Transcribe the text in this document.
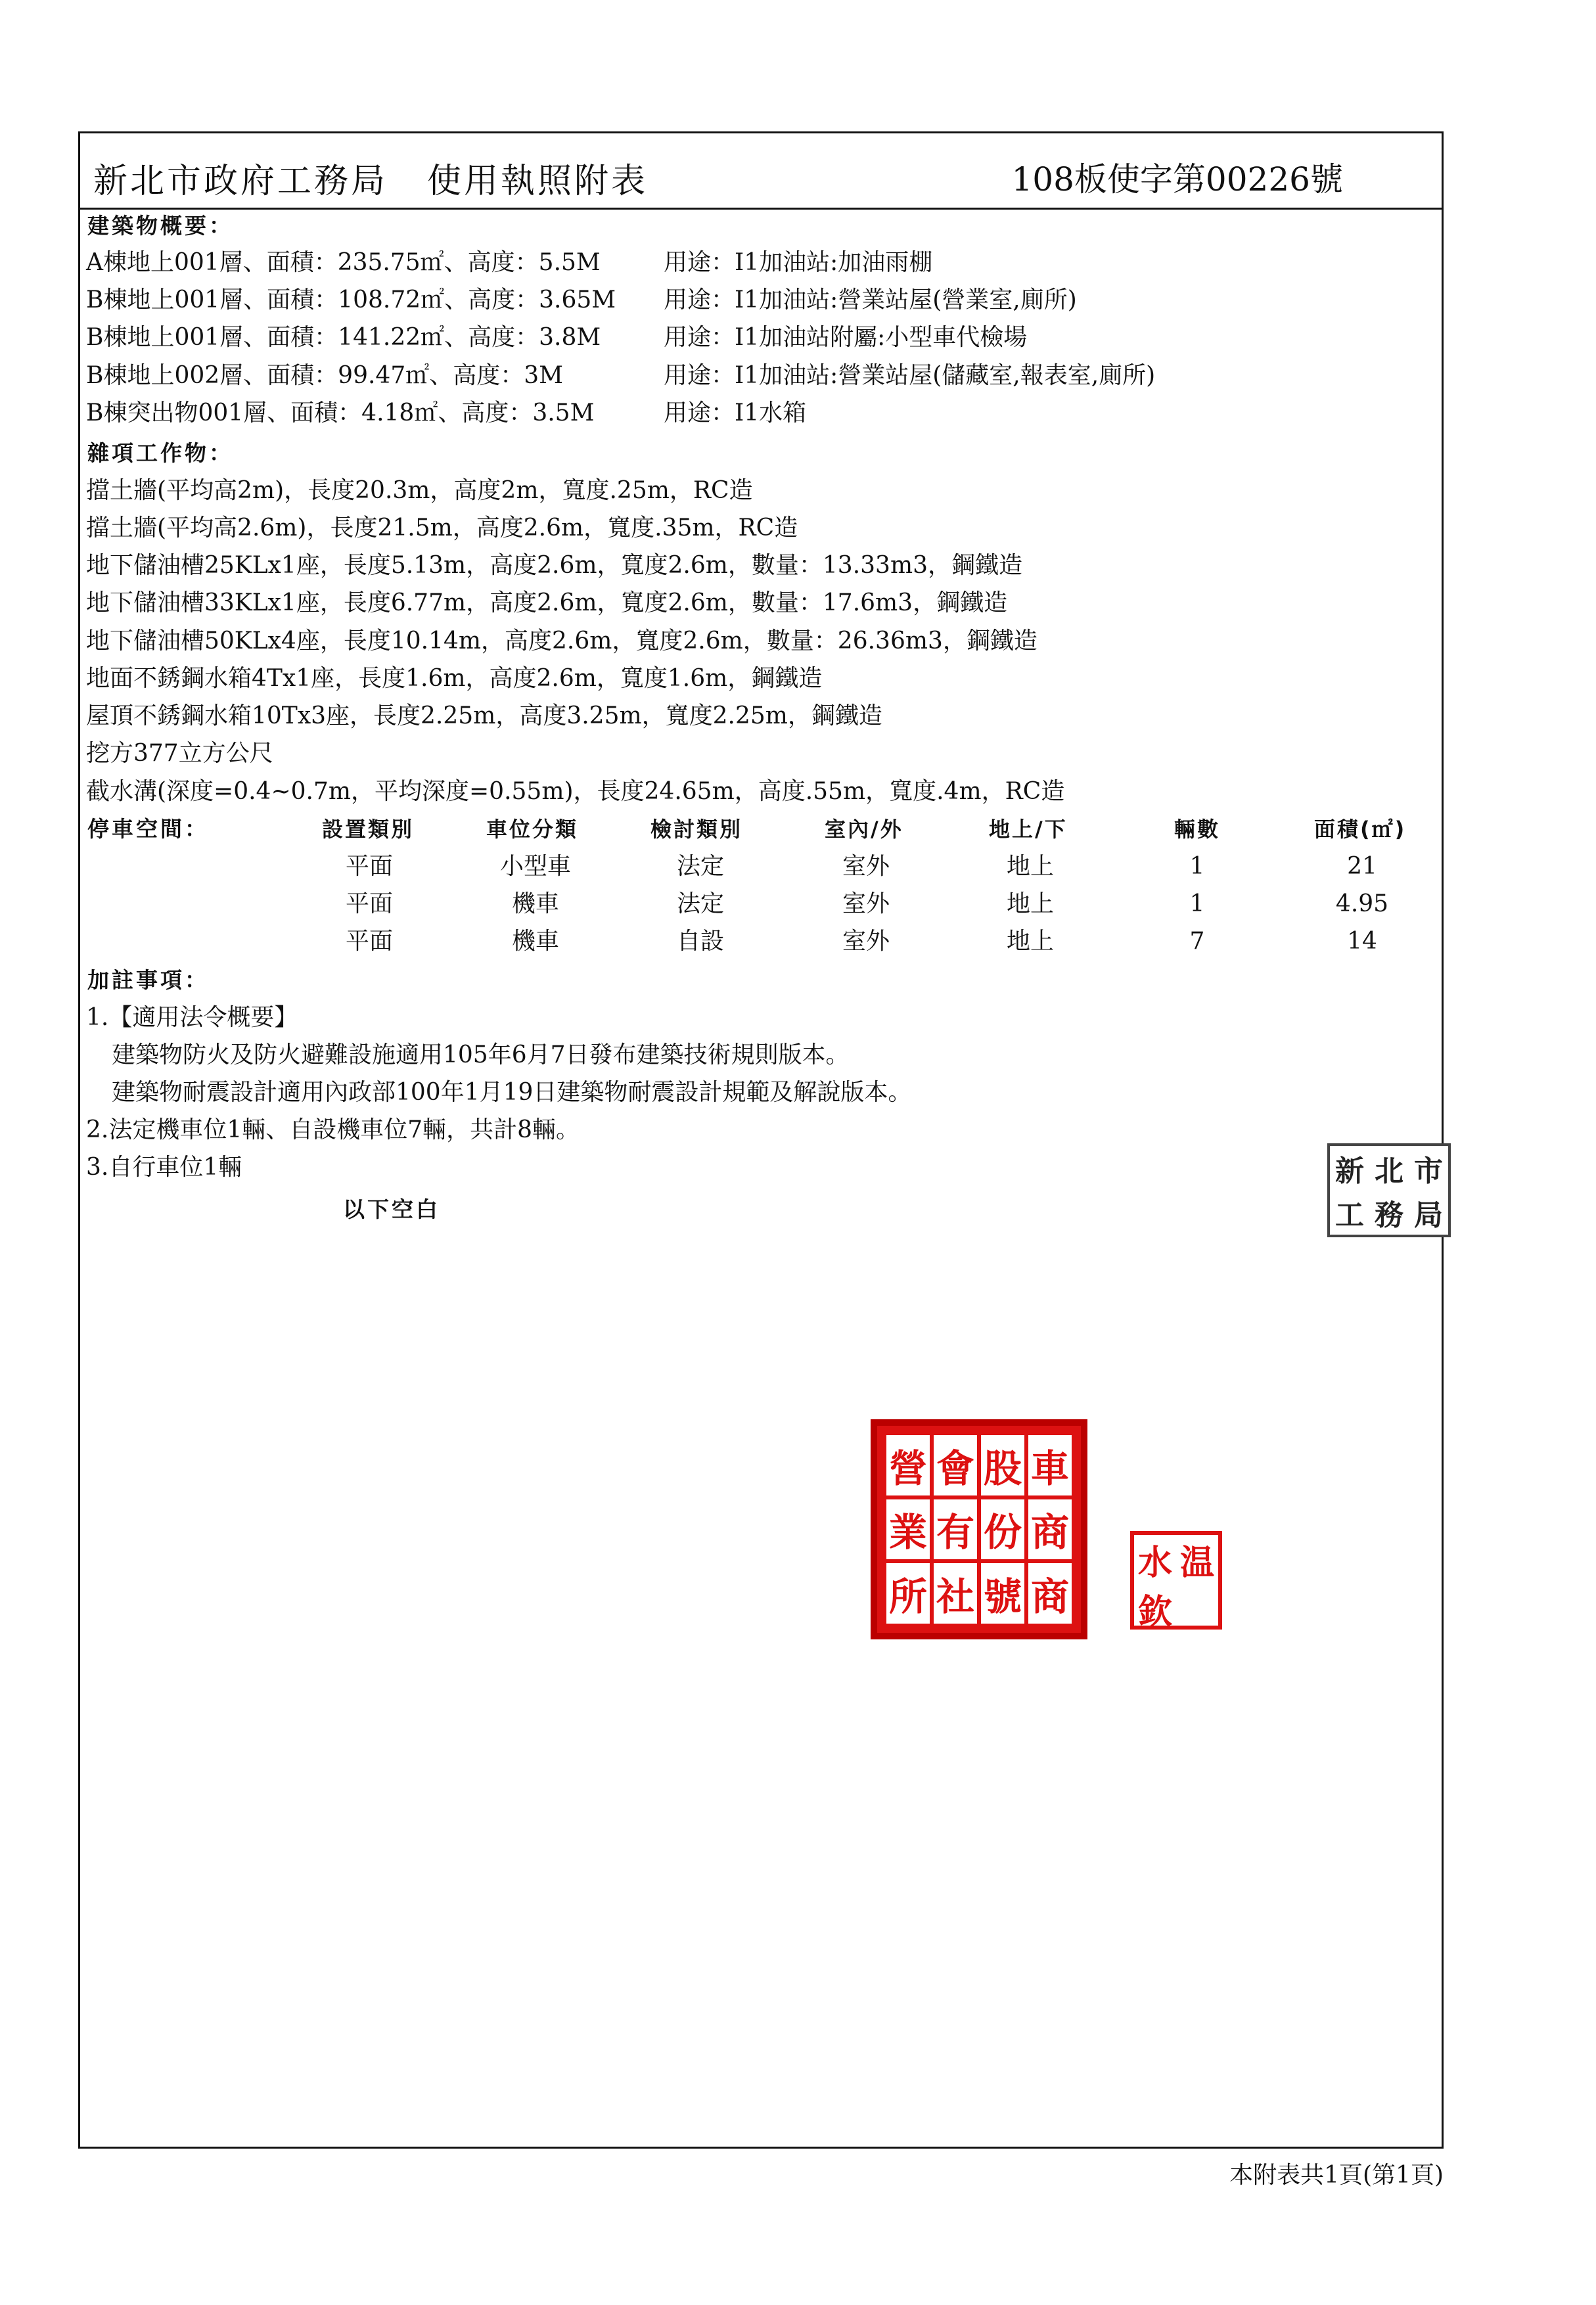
新北市政府工務局 使用執照附表	108板使字第00226號
建築物概要：
A棟地上001層、面積：235.75㎡、高度：5.5M	用途：I1加油站:加油雨棚
B棟地上001層、面積：108.72㎡、高度：3.65M 用途：I1加油站:營業站屋(營業室,廁所)
B棟地上001層、面積：141.22㎡、高度：3.8M	用途：I1加油站附屬:小型車代檢場
B棟地上002層、面積：99.47㎡、高度：3M	用途：I1加油站:營業站屋(儲藏室,報表室,廁所)
B棟突出物001層、面積：4.18㎡、高度：3.5M	用途：I1水箱
雜項工作物：
擋土牆(平均高2m)，長度20.3m，高度2m，寬度.25m，RC造
擋土牆(平均高2.6m)，長度21.5m，高度2.6m，寬度.35m，RC造
地下儲油槽25KLx1座，長度5.13m，高度2.6m，寬度2.6m，數量：13.33m3，鋼鐵造
地下儲油槽33KLx1座，長度6.77m，高度2.6m，寬度2.6m，數量：17.6m3，鋼鐵造
地下儲油槽50KLx4座，長度10.14m，高度2.6m，寬度2.6m，數量：26.36m3，鋼鐵造
地面不銹鋼水箱4Tx1座，長度1.6m，高度2.6m，寬度1.6m，鋼鐵造
屋頂不銹鋼水箱10Tx3座，長度2.25m，高度3.25m，寬度2.25m，鋼鐵造
挖方377立方公尺
截水溝(深度=0.4~0.7m，平均深度=0.55m)，長度24.65m，高度.55m，寬度.4m，RC造
停車空間：	設置類別	車位分類	檢討類別	室內/外	地上/下	輛數	面積(㎡)
平面	小型車	法定	室外	地上	1	21
平面	機車	法定	室外	地上	1	4.95
平面	機車	自設	室外	地上	7	14
加註事項：
1.【適用法令概要】
建築物防火及防火避難設施適用105年6月7日發布建築技術規則版本。
建築物耐震設計適用內政部100年1月19日建築物耐震設計規範及解說版本。
2.法定機車位1輛、自設機車位7輛，共計8輛。
3.自行車位1輛
以下空白
新 北 市
工 務 局
營 會 股 車
業 有 份 商
所 社 號 商
水 温
欽
本附表共1頁(第1頁)
